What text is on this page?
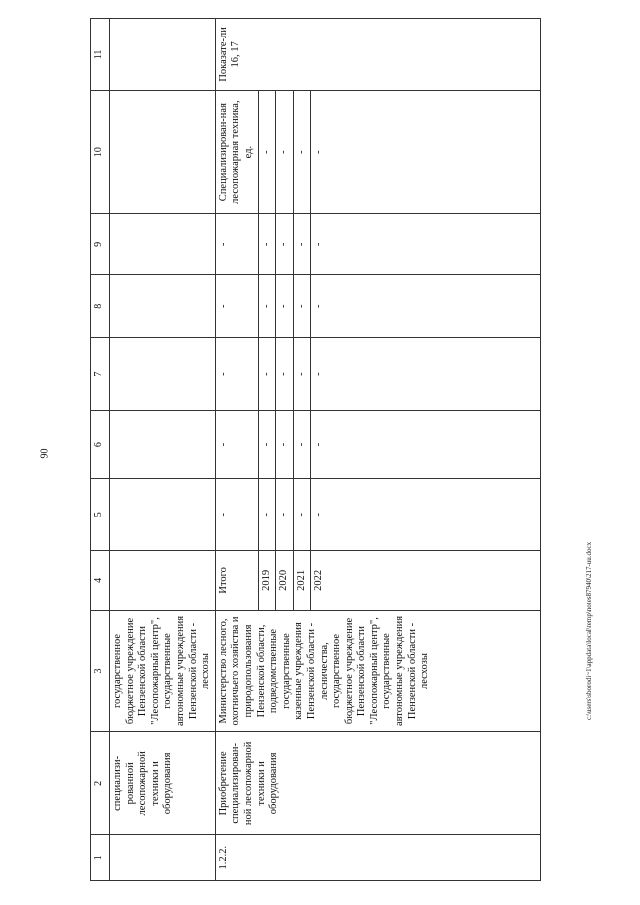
90
1	2	3	4	5	6	7	8	9	10	11
	специализи-рованной лесопожарной техники и оборудования	государственное бюджетное учреждение Пензенской области "Лесопожарный центр", государственные автономные учреждения Пензенской области - лесхозы								
1.2.2.	Приобретение специализирован-ной лесопожарной техники и оборудования	Министерство лесного, охотничьего хозяйства и природопользования Пензенской области, подведомственные государственные казенные учреждения Пензенской области - лесничества, государственное бюджетное учреждение Пензенской области "Лесопожарный центр", государственные автономные учреждения Пензенской области - лесхозы	Итого	-	-	-	-	-	Специализирован-ная лесопожарная техника, ед.	Показате-ли 16, 17
			2019	-	-	-	-	-	-	
			2020	-	-	-	-	-	-	
			2021	-	-	-	-	-	-	
			2022	-	-	-	-	-	-	
c:\users\sborodi~1\appdata\local\temp\notes87940\217-uu.docx
